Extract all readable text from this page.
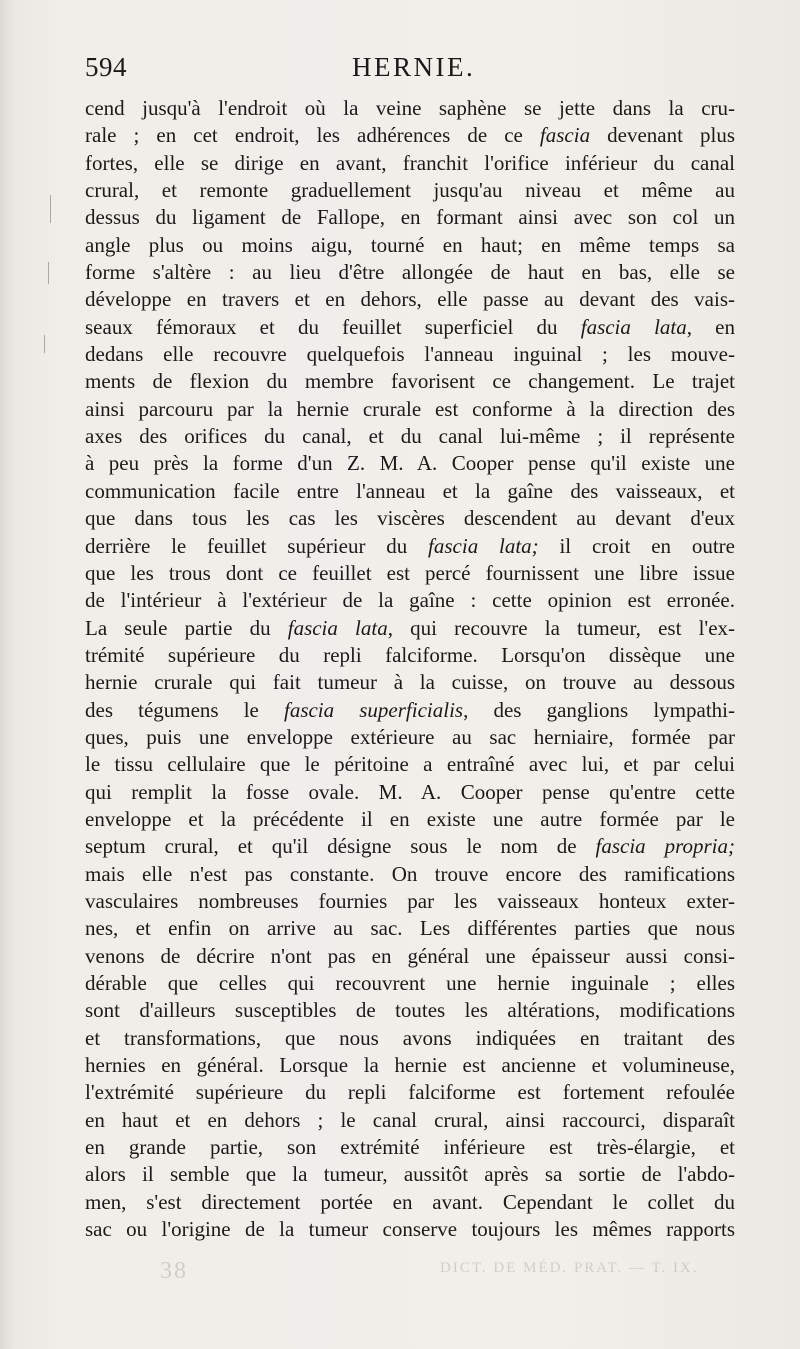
594	HERNIE.
cend jusqu'à l'endroit où la veine saphène se jette dans la cru-
rale ; en cet endroit, les adhérences de ce fascia devenant plus
fortes, elle se dirige en avant, franchit l'orifice inférieur du canal
crural, et remonte graduellement jusqu'au niveau et même au
dessus du ligament de Fallope, en formant ainsi avec son col un
angle plus ou moins aigu, tourné en haut; en même temps sa
forme s'altère : au lieu d'être allongée de haut en bas, elle se
développe en travers et en dehors, elle passe au devant des vais-
seaux fémoraux et du feuillet superficiel du fascia lata, en
dedans elle recouvre quelquefois l'anneau inguinal ; les mouve-
ments de flexion du membre favorisent ce changement. Le trajet
ainsi parcouru par la hernie crurale est conforme à la direction des
axes des orifices du canal, et du canal lui-même ; il représente
à peu près la forme d'un Z. M. A. Cooper pense qu'il existe une
communication facile entre l'anneau et la gaîne des vaisseaux, et
que dans tous les cas les viscères descendent au devant d'eux
derrière le feuillet supérieur du fascia lata; il croit en outre
que les trous dont ce feuillet est percé fournissent une libre issue
de l'intérieur à l'extérieur de la gaîne : cette opinion est erronée.
La seule partie du fascia lata, qui recouvre la tumeur, est l'ex-
trémité supérieure du repli falciforme. Lorsqu'on dissèque une
hernie crurale qui fait tumeur à la cuisse, on trouve au dessous
des tégumens le fascia superficialis, des ganglions lympathi-
ques, puis une enveloppe extérieure au sac herniaire, formée par
le tissu cellulaire que le péritoine a entraîné avec lui, et par celui
qui remplit la fosse ovale. M. A. Cooper pense qu'entre cette
enveloppe et la précédente il en existe une autre formée par le
septum crural, et qu'il désigne sous le nom de fascia propria;
mais elle n'est pas constante. On trouve encore des ramifications
vasculaires nombreuses fournies par les vaisseaux honteux exter-
nes, et enfin on arrive au sac. Les différentes parties que nous
venons de décrire n'ont pas en général une épaisseur aussi consi-
dérable que celles qui recouvrent une hernie inguinale ; elles
sont d'ailleurs susceptibles de toutes les altérations, modifications
et transformations, que nous avons indiquées en traitant des
hernies en général. Lorsque la hernie est ancienne et volumineuse,
l'extrémité supérieure du repli falciforme est fortement refoulée
en haut et en dehors ; le canal crural, ainsi raccourci, disparaît
en grande partie, son extrémité inférieure est très-élargie, et
alors il semble que la tumeur, aussitôt après sa sortie de l'abdo-
men, s'est directement portée en avant. Cependant le collet du
sac ou l'origine de la tumeur conserve toujours les mêmes rapports
38	DICT. DE MÉD. PRAT. — T. IX.
